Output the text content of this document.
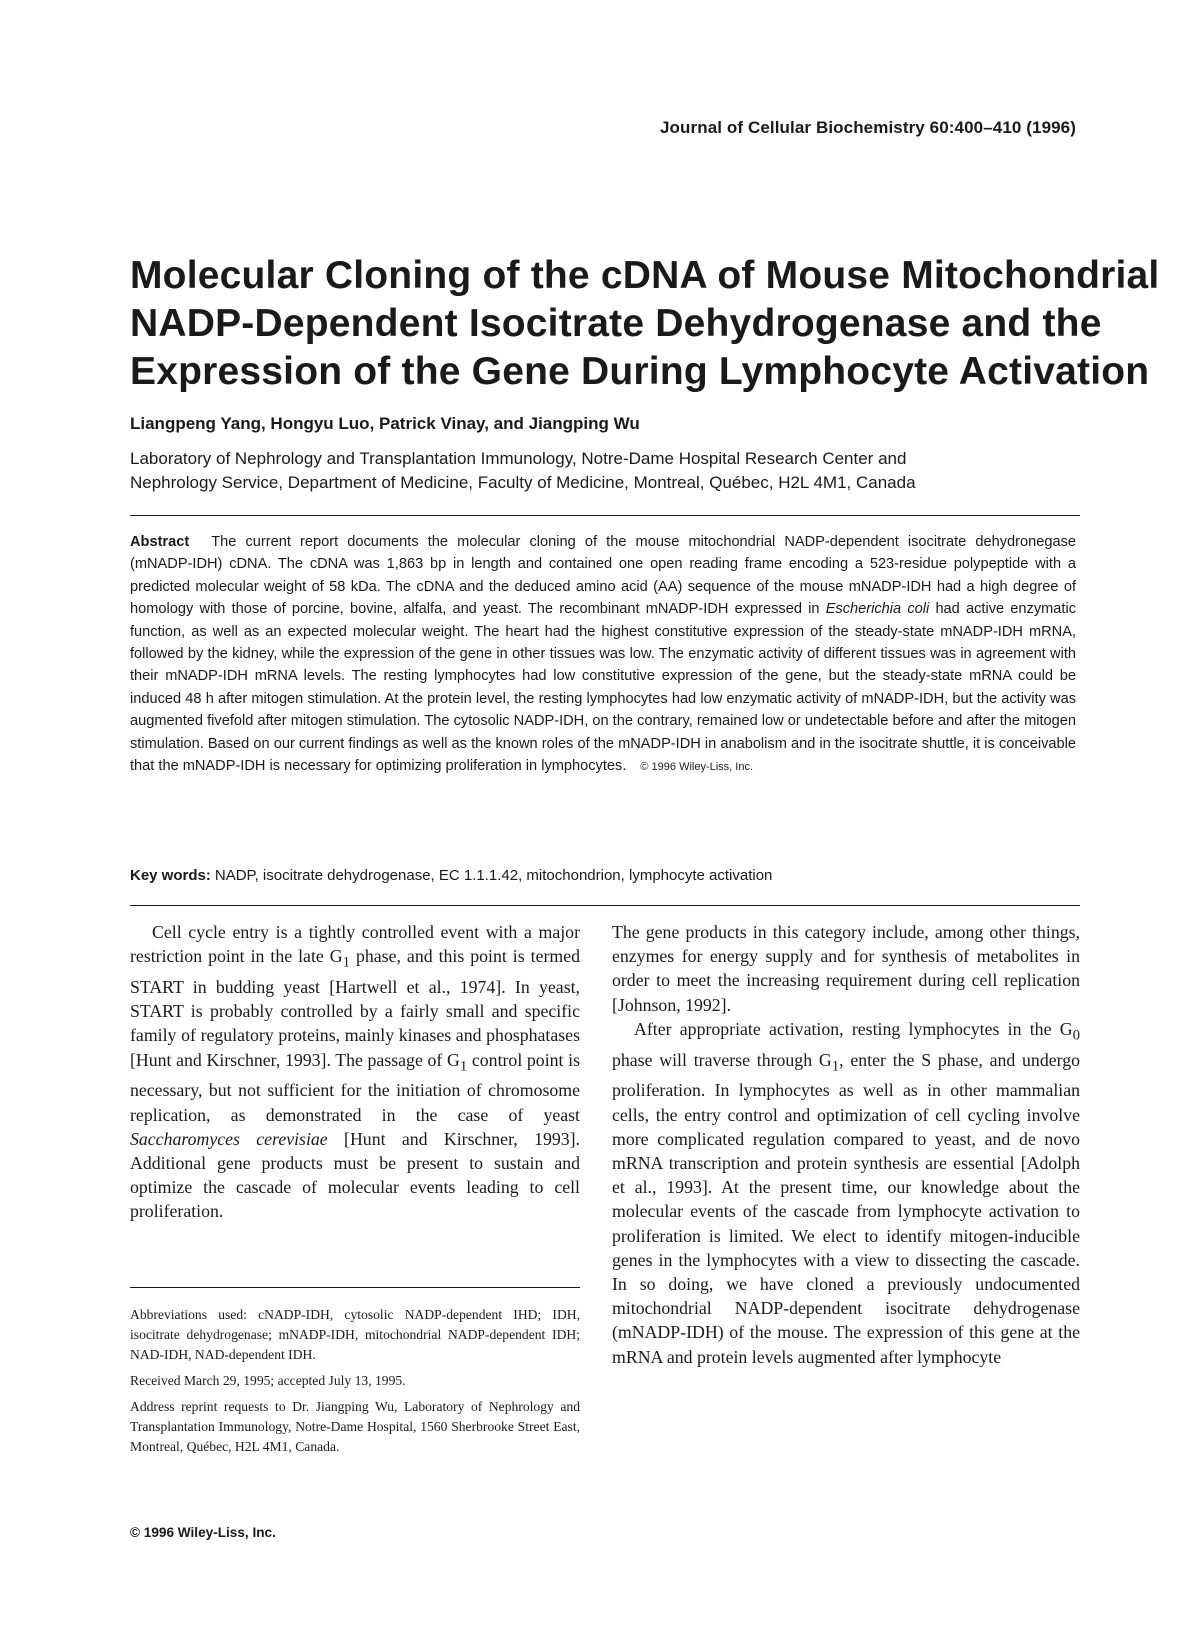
Journal of Cellular Biochemistry 60:400–410 (1996)
Molecular Cloning of the cDNA of Mouse Mitochondrial
NADP-Dependent Isocitrate Dehydrogenase and the
Expression of the Gene During Lymphocyte Activation
Liangpeng Yang, Hongyu Luo, Patrick Vinay, and Jiangping Wu
Laboratory of Nephrology and Transplantation Immunology, Notre-Dame Hospital Research Center and
Nephrology Service, Department of Medicine, Faculty of Medicine, Montreal, Québec, H2L 4M1, Canada
Abstract The current report documents the molecular cloning of the mouse mitochondrial NADP-dependent isocitrate dehydronegase (mNADP-IDH) cDNA. The cDNA was 1,863 bp in length and contained one open reading frame encoding a 523-residue polypeptide with a predicted molecular weight of 58 kDa. The cDNA and the deduced amino acid (AA) sequence of the mouse mNADP-IDH had a high degree of homology with those of porcine, bovine, alfalfa, and yeast. The recombinant mNADP-IDH expressed in Escherichia coli had active enzymatic function, as well as an expected molecular weight. The heart had the highest constitutive expression of the steady-state mNADP-IDH mRNA, followed by the kidney, while the expression of the gene in other tissues was low. The enzymatic activity of different tissues was in agreement with their mNADP-IDH mRNA levels. The resting lymphocytes had low constitutive expression of the gene, but the steady-state mRNA could be induced 48 h after mitogen stimulation. At the protein level, the resting lymphocytes had low enzymatic activity of mNADP-IDH, but the activity was augmented fivefold after mitogen stimulation. The cytosolic NADP-IDH, on the contrary, remained low or undetectable before and after the mitogen stimulation. Based on our current findings as well as the known roles of the mNADP-IDH in anabolism and in the isocitrate shuttle, it is conceivable that the mNADP-IDH is necessary for optimizing proliferation in lymphocytes. © 1996 Wiley-Liss, Inc.
Key words: NADP, isocitrate dehydrogenase, EC 1.1.1.42, mitochondrion, lymphocyte activation

Cell cycle entry is a tightly controlled event with a major restriction point in the late $G_1$ phase, and this point is termed START in budding yeast [Hartwell et al., 1974]. In yeast, START is probably controlled by a fairly small and specific family of regulatory proteins, mainly kinases and phosphatases [Hunt and Kirschner, 1993]. The passage of $G_1$ control point is necessary, but not sufficient for the initiation of chromosome replication, as demonstrated in the case of yeast Saccharomyces cerevisiae [Hunt and Kirschner, 1993]. Additional gene products must be present to sustain and optimize the cascade of molecular events leading to cell proliferation.

Abbreviations used: cNADP-IDH, cytosolic NADP-dependent IHD; IDH, isocitrate dehydrogenase; mNADP-IDH, mitochondrial NADP-dependent IDH; NAD-IDH, NAD-dependent IDH.

Received March 29, 1995; accepted July 13, 1995.

Address reprint requests to Dr. Jiangping Wu, Laboratory of Nephrology and Transplantation Immunology, Notre-Dame Hospital, 1560 Sherbrooke Street East, Montreal, Québec, H2L 4M1, Canada.

© 1996 Wiley-Liss, Inc.

The gene products in this category include, among other things, enzymes for energy supply and for synthesis of metabolites in order to meet the increasing requirement during cell replication [Johnson, 1992].

After appropriate activation, resting lymphocytes in the $G_0$ phase will traverse through $G_1$, enter the S phase, and undergo proliferation. In lymphocytes as well as in other mammalian cells, the entry control and optimization of cell cycling involve more complicated regulation compared to yeast, and de novo mRNA transcription and protein synthesis are essential [Adolph et al., 1993]. At the present time, our knowledge about the molecular events of the cascade from lymphocyte activation to proliferation is limited. We elect to identify mitogen-inducible genes in the lymphocytes with a view to dissecting the cascade. In so doing, we have cloned a previously undocumented mitochondrial NADP-dependent isocitrate dehydrogenase (mNADP-IDH) of the mouse. The expression of this gene at the mRNA and protein levels augmented after lymphocyte
